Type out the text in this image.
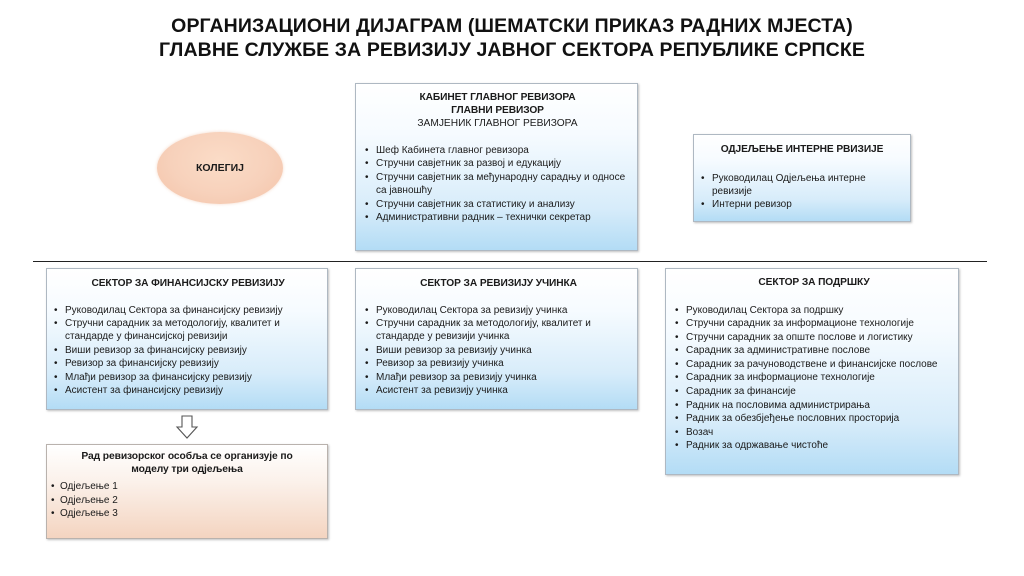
ОРГАНИЗАЦИОНИ ДИЈАГРАМ (ШЕМАТСКИ ПРИКАЗ РАДНИХ МЈЕСТА)
ГЛАВНЕ СЛУЖБЕ ЗА РЕВИЗИЈУ ЈАВНОГ СЕКТОРА РЕПУБЛИКЕ СРПСКЕ
КОЛЕГИЈ
КАБИНЕТ ГЛАВНОГ РЕВИЗОРА
ГЛАВНИ РЕВИЗОР
ЗАМЈЕНИК ГЛАВНОГ РЕВИЗОРА
• Шеф Кабинета главног ревизора
• Стручни савјетник за развој и едукацију
• Стручни савјетник за међународну сарадњу и односе са јавношћу
• Стручни савјетник за статистику и анализу
• Административни радник – технички секретар
ОДЈЕЉЕЊЕ ИНТЕРНЕ РВИЗИЈЕ
• Руководилац Одјељења интерне ревизије
• Интерни ревизор
СЕКТОР ЗА ФИНАНСИЈСКУ РЕВИЗИЈУ
• Руководилац Сектора за финансијску ревизију
• Стручни сарадник за методологију, квалитет и стандарде у финансијској ревизији
• Виши ревизор за финансијску ревизију
• Ревизор за финансијску ревизију
• Млађи ревизор за финансијску ревизију
• Асистент за финансијску ревизију
СЕКТОР ЗА РЕВИЗИЈУ УЧИНКА
• Руководилац Сектора за ревизију учинка
• Стручни сарадник за методологију, квалитет и стандарде у ревизији учинка
• Виши ревизор за ревизију учинка
• Ревизор за ревизију учинка
• Млађи ревизор за ревизију учинка
• Асистент за ревизију учинка
СЕКТОР ЗА ПОДРШКУ
• Руководилац Сектора за подршку
• Стручни сарадник за информационе технологије
• Стручни сарадник за опште послове и логистику
• Сарадник за административне послове
• Сарадник за рачуноводствене и финансијске послове
• Сарадник за информационе технологије
• Сарадник за финансије
• Радник на пословима администрирања
• Радник за обезбјеђење пословних просторија
• Возач
• Радник за одржавање чистоће
Рад ревизорског особља се организује по моделу три одјељења
• Одјељење 1
• Одјељење 2
• Одјељење 3
